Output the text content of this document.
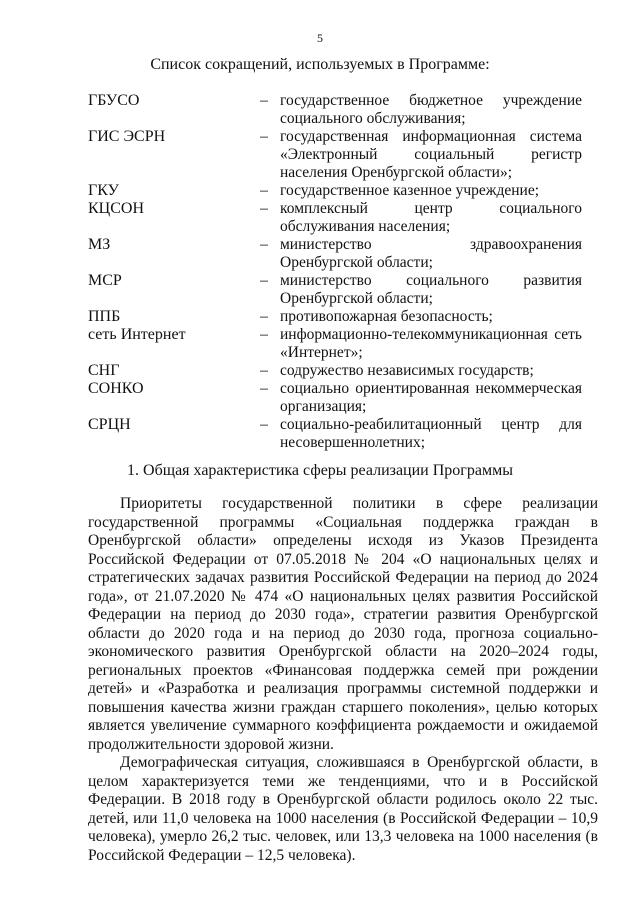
5
Список сокращений, используемых в Программе:
ГБУСО	– государственное бюджетное учреждение социального обслуживания;
ГИС ЭСРН	– государственная информационная система «Электронный социальный регистр населения Оренбургской области»;
ГКУ	– государственное казенное учреждение;
КЦСОН	– комплексный центр социального обслуживания населения;
МЗ	– министерство здравоохранения Оренбургской области;
МСР	– министерство социального развития Оренбургской области;
ППБ	– противопожарная безопасность;
сеть Интернет	– информационно-телекоммуникационная сеть «Интернет»;
СНГ	– содружество независимых государств;
СОНКО	– социально ориентированная некоммерческая организация;
СРЦН	– социально-реабилитационный центр для несовершеннолетних;
1. Общая характеристика сферы реализации Программы

Приоритеты государственной политики в сфере реализации государственной программы «Социальная поддержка граждан в Оренбургской области» определены исходя из Указов Президента Российской Федерации от 07.05.2018 № 204 «О национальных целях и стратегических задачах развития Российской Федерации на период до 2024 года», от 21.07.2020 № 474 «О национальных целях развития Российской Федерации на период до 2030 года», стратегии развития Оренбургской области до 2020 года и на период до 2030 года, прогноза социально-экономического развития Оренбургской области на 2020–2024 годы, региональных проектов «Финансовая поддержка семей при рождении детей» и «Разработка и реализация программы системной поддержки и повышения качества жизни граждан старшего поколения», целью которых является увеличение суммарного коэффициента рождаемости и ожидаемой продолжительности здоровой жизни.

Демографическая ситуация, сложившаяся в Оренбургской области, в целом характеризуется теми же тенденциями, что и в Российской Федерации. В 2018 году в Оренбургской области родилось около 22 тыс. детей, или 11,0 человека на 1000 населения (в Российской Федерации – 10,9 человека), умерло 26,2 тыс. человек, или 13,3 человека на 1000 населения (в Российской Федерации – 12,5 человека).
